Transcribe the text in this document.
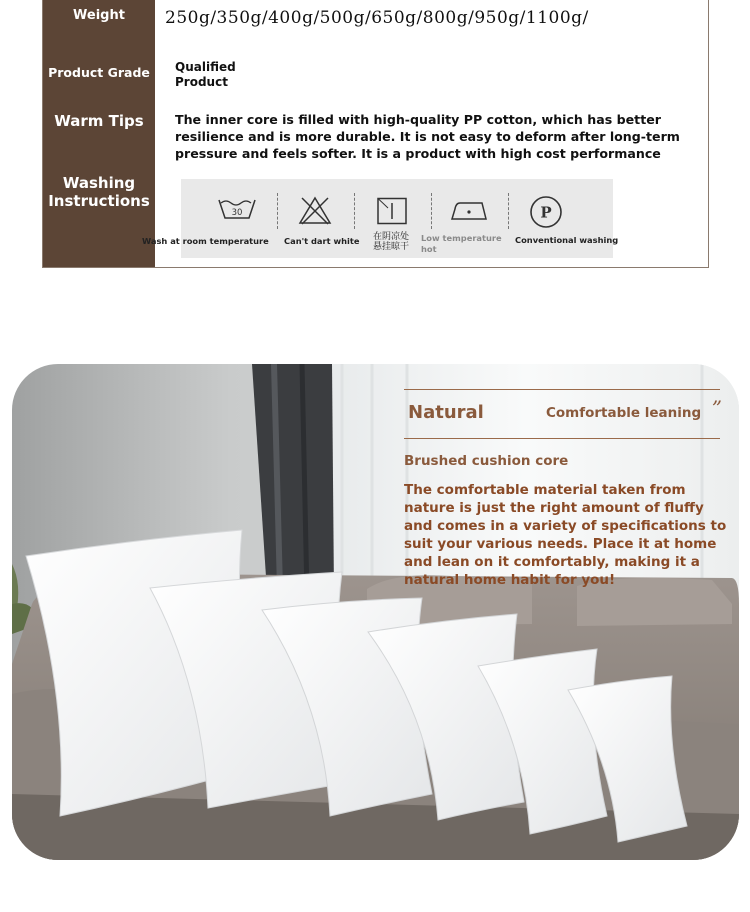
Weight	250g/350g/400g/500g/650g/800g/950g/1100g/
Product Grade	Qualified
Product
Warm Tips	The inner core is filled with high-quality PP cotton, which has better resilience and is more durable. It is not easy to deform after long-term pressure and feels softer. It is a product with high cost performance
Washing
Instructions
30
Wash at room temperature Can't dart white 在阴凉处
悬挂晾干
Low temperature
hot
P
Conventional washing
Natural	Comfortable leaning ”
Brushed cushion core
The comfortable material taken from nature is just the right amount of fluffy and comes in a variety of specifications to suit your various needs. Place it at home and lean on it comfortably, making it a natural home habit for you!
